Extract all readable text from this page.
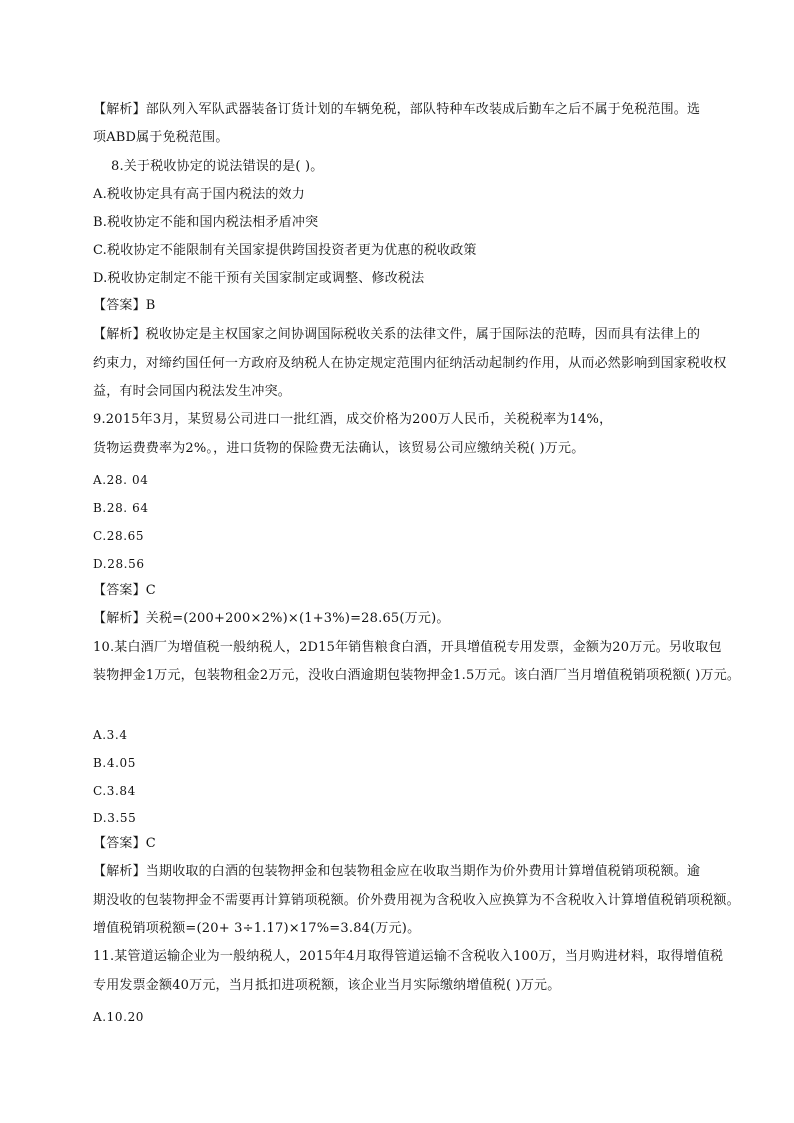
【解析】部队列入军队武器装备订货计划的车辆免税，部队特种车改装成后勤车之后不属于免税范围。选
项ABD属于免税范围。
8.关于税收协定的说法错误的是( )。
A.税收协定具有高于国内税法的效力
B.税收协定不能和国内税法相矛盾冲突
C.税收协定不能限制有关国家提供跨国投资者更为优惠的税收政策
D.税收协定制定不能干预有关国家制定或调整、修改税法
【答案】B
【解析】税收协定是主权国家之间协调国际税收关系的法律文件，属于国际法的范畴，因而具有法律上的
约束力，对缔约国任何一方政府及纳税人在协定规定范围内征纳活动起制约作用，从而必然影响到国家税收权
益，有时会同国内税法发生冲突。
9.2015年3月，某贸易公司进口一批红酒，成交价格为200万人民币，关税税率为14%，
货物运费费率为2%。，进口货物的保险费无法确认，该贸易公司应缴纳关税( )万元。
A.28. 04
B.28. 64
C.28.65
D.28.56
【答案】C
【解析】关税=(200+200×2%)×(1+3%)=28.65(万元)。
10.某白酒厂为增值税一般纳税人，2D15年销售粮食白酒，开具增值税专用发票，金额为20万元。另收取包
装物押金1万元，包装物租金2万元，没收白酒逾期包装物押金1.5万元。该白酒厂当月增值税销项税额( )万元。
A.3.4
B.4.05
C.3.84
D.3.55
【答案】C
【解析】当期收取的白酒的包装物押金和包装物租金应在收取当期作为价外费用计算增值税销项税额。逾
期没收的包装物押金不需要再计算销项税额。价外费用视为含税收入应换算为不含税收入计算增值税销项税额。
增值税销项税额=(20+ 3÷1.17)×17%=3.84(万元)。
11.某管道运输企业为一般纳税人，2015年4月取得管道运输不含税收入100万，当月购进材料，取得增值税
专用发票金额40万元，当月抵扣进项税额，该企业当月实际缴纳增值税( )万元。
A.10.20
